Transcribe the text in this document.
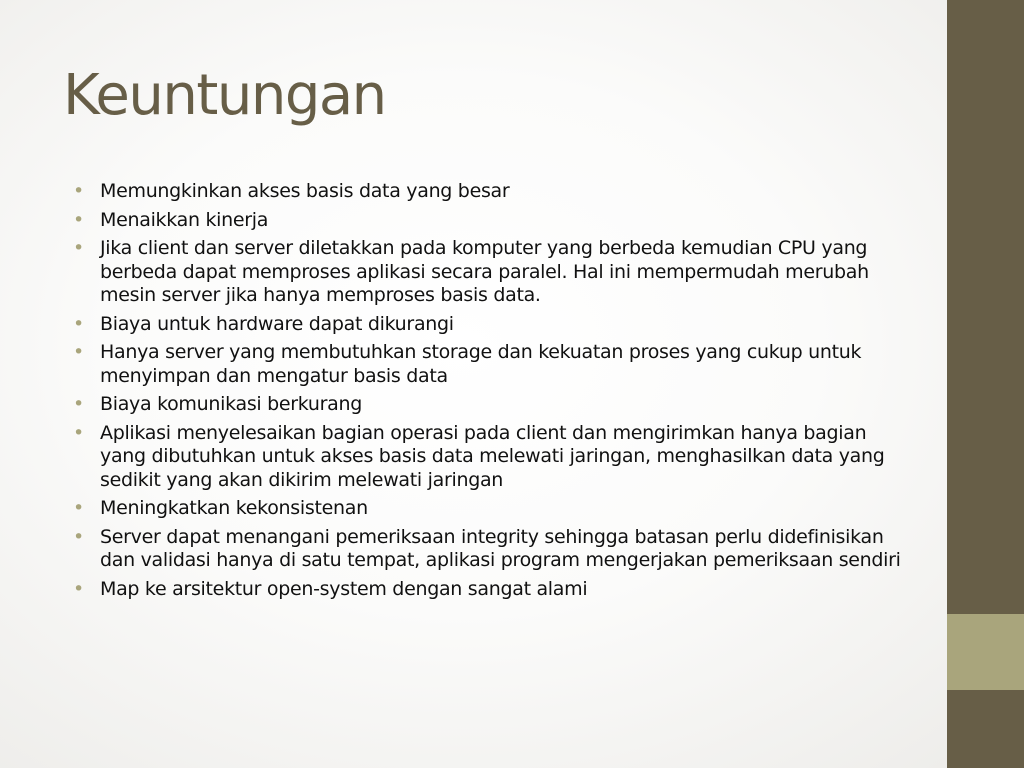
Keuntungan
• Memungkinkan akses basis data yang besar
• Menaikkan kinerja
• Jika client dan server diletakkan pada komputer yang berbeda kemudian CPU yang berbeda dapat memproses aplikasi secara paralel. Hal ini mempermudah merubah mesin server jika hanya memproses basis data.
• Biaya untuk hardware dapat dikurangi
• Hanya server yang membutuhkan storage dan kekuatan proses yang cukup untuk menyimpan dan mengatur basis data
• Biaya komunikasi berkurang
• Aplikasi menyelesaikan bagian operasi pada client dan mengirimkan hanya bagian yang dibutuhkan untuk akses basis data melewati jaringan, menghasilkan data yang sedikit yang akan dikirim melewati jaringan
• Meningkatkan kekonsistenan
• Server dapat menangani pemeriksaan integrity sehingga batasan perlu didefinisikan dan validasi hanya di satu tempat, aplikasi program mengerjakan pemeriksaan sendiri
• Map ke arsitektur open-system dengan sangat alami
